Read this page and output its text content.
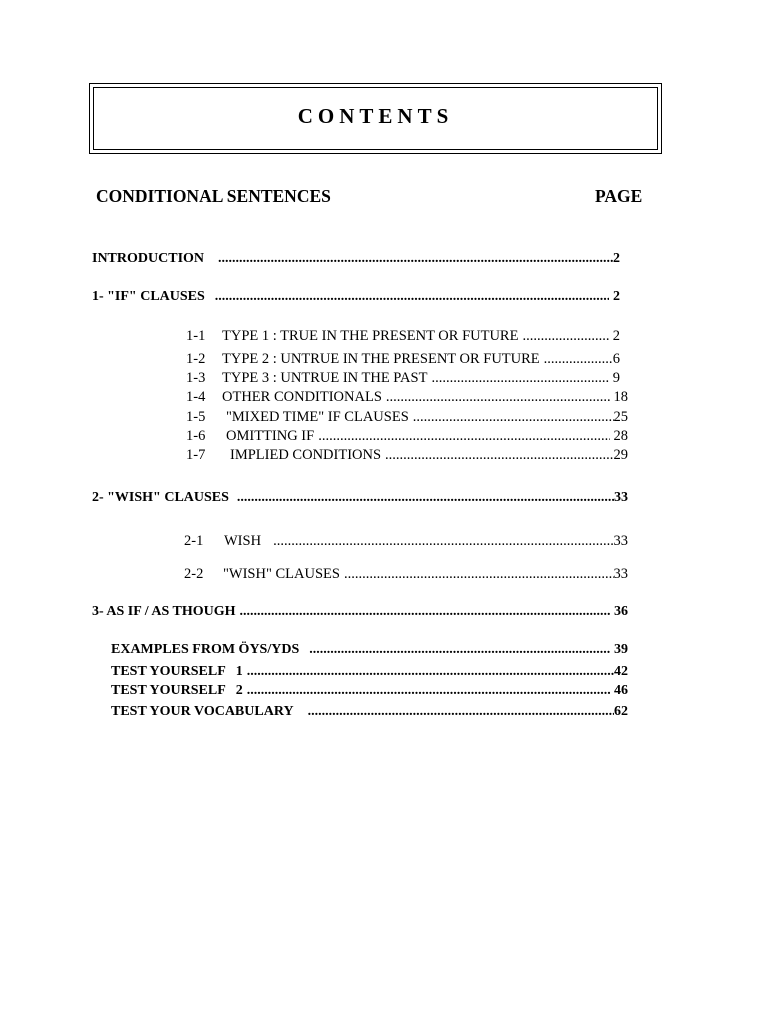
CONTENTS
CONDITIONAL SENTENCES	PAGE
INTRODUCTION .....	2
1- "IF" CLAUSES .....	2
1-1 TYPE 1 : TRUE IN THE PRESENT OR FUTURE .....	2
1-2 TYPE 2 : UNTRUE IN THE PRESENT OR FUTURE .....	6
1-3 TYPE 3 : UNTRUE IN THE PAST .....	9
1-4 OTHER CONDITIONALS .....	18
1-5 "MIXED TIME" IF CLAUSES .....	25
1-6 OMITTING IF .....	28
1-7 IMPLIED CONDITIONS .....	29
2- "WISH" CLAUSES .....	33
2-1 WISH .....	33
2-2 "WISH" CLAUSES .....	33
3- AS IF / AS THOUGH .....	36
EXAMPLES FROM ÖYS/YDS .....	39
TEST YOURSELF   1 .....	42
TEST YOURSELF   2 .....	46
TEST YOUR VOCABULARY .....	62
